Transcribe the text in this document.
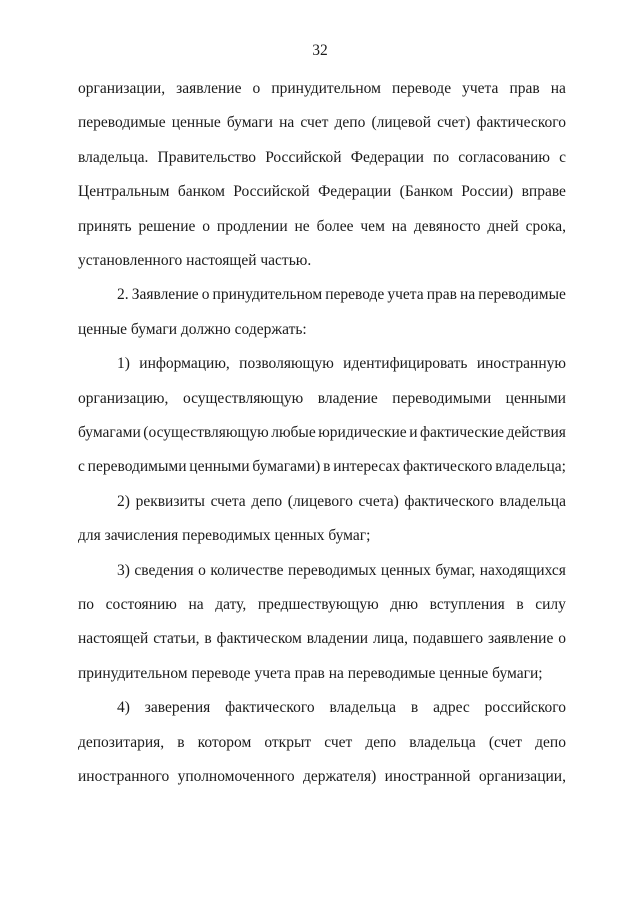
32
организации, заявление о принудительном переводе учета прав на
переводимые ценные бумаги на счет депо (лицевой счет) фактического
владельца. Правительство Российской Федерации по согласованию с
Центральным банком Российской Федерации (Банком России) вправе
принять решение о продлении не более чем на девяносто дней срока,
установленного настоящей частью.
2. Заявление о принудительном переводе учета прав на переводимые
ценные бумаги должно содержать:
1) информацию, позволяющую идентифицировать иностранную
организацию, осуществляющую владение переводимыми ценными
бумагами (осуществляющую любые юридические и фактические действия
с переводимыми ценными бумагами) в интересах фактического владельца;
2) реквизиты счета депо (лицевого счета) фактического владельца
для зачисления переводимых ценных бумаг;
3) сведения о количестве переводимых ценных бумаг, находящихся
по состоянию на дату, предшествующую дню вступления в силу
настоящей статьи, в фактическом владении лица, подавшего заявление о
принудительном переводе учета прав на переводимые ценные бумаги;
4) заверения фактического владельца в адрес российского
депозитария, в котором открыт счет депо владельца (счет депо
иностранного уполномоченного держателя) иностранной организации,
